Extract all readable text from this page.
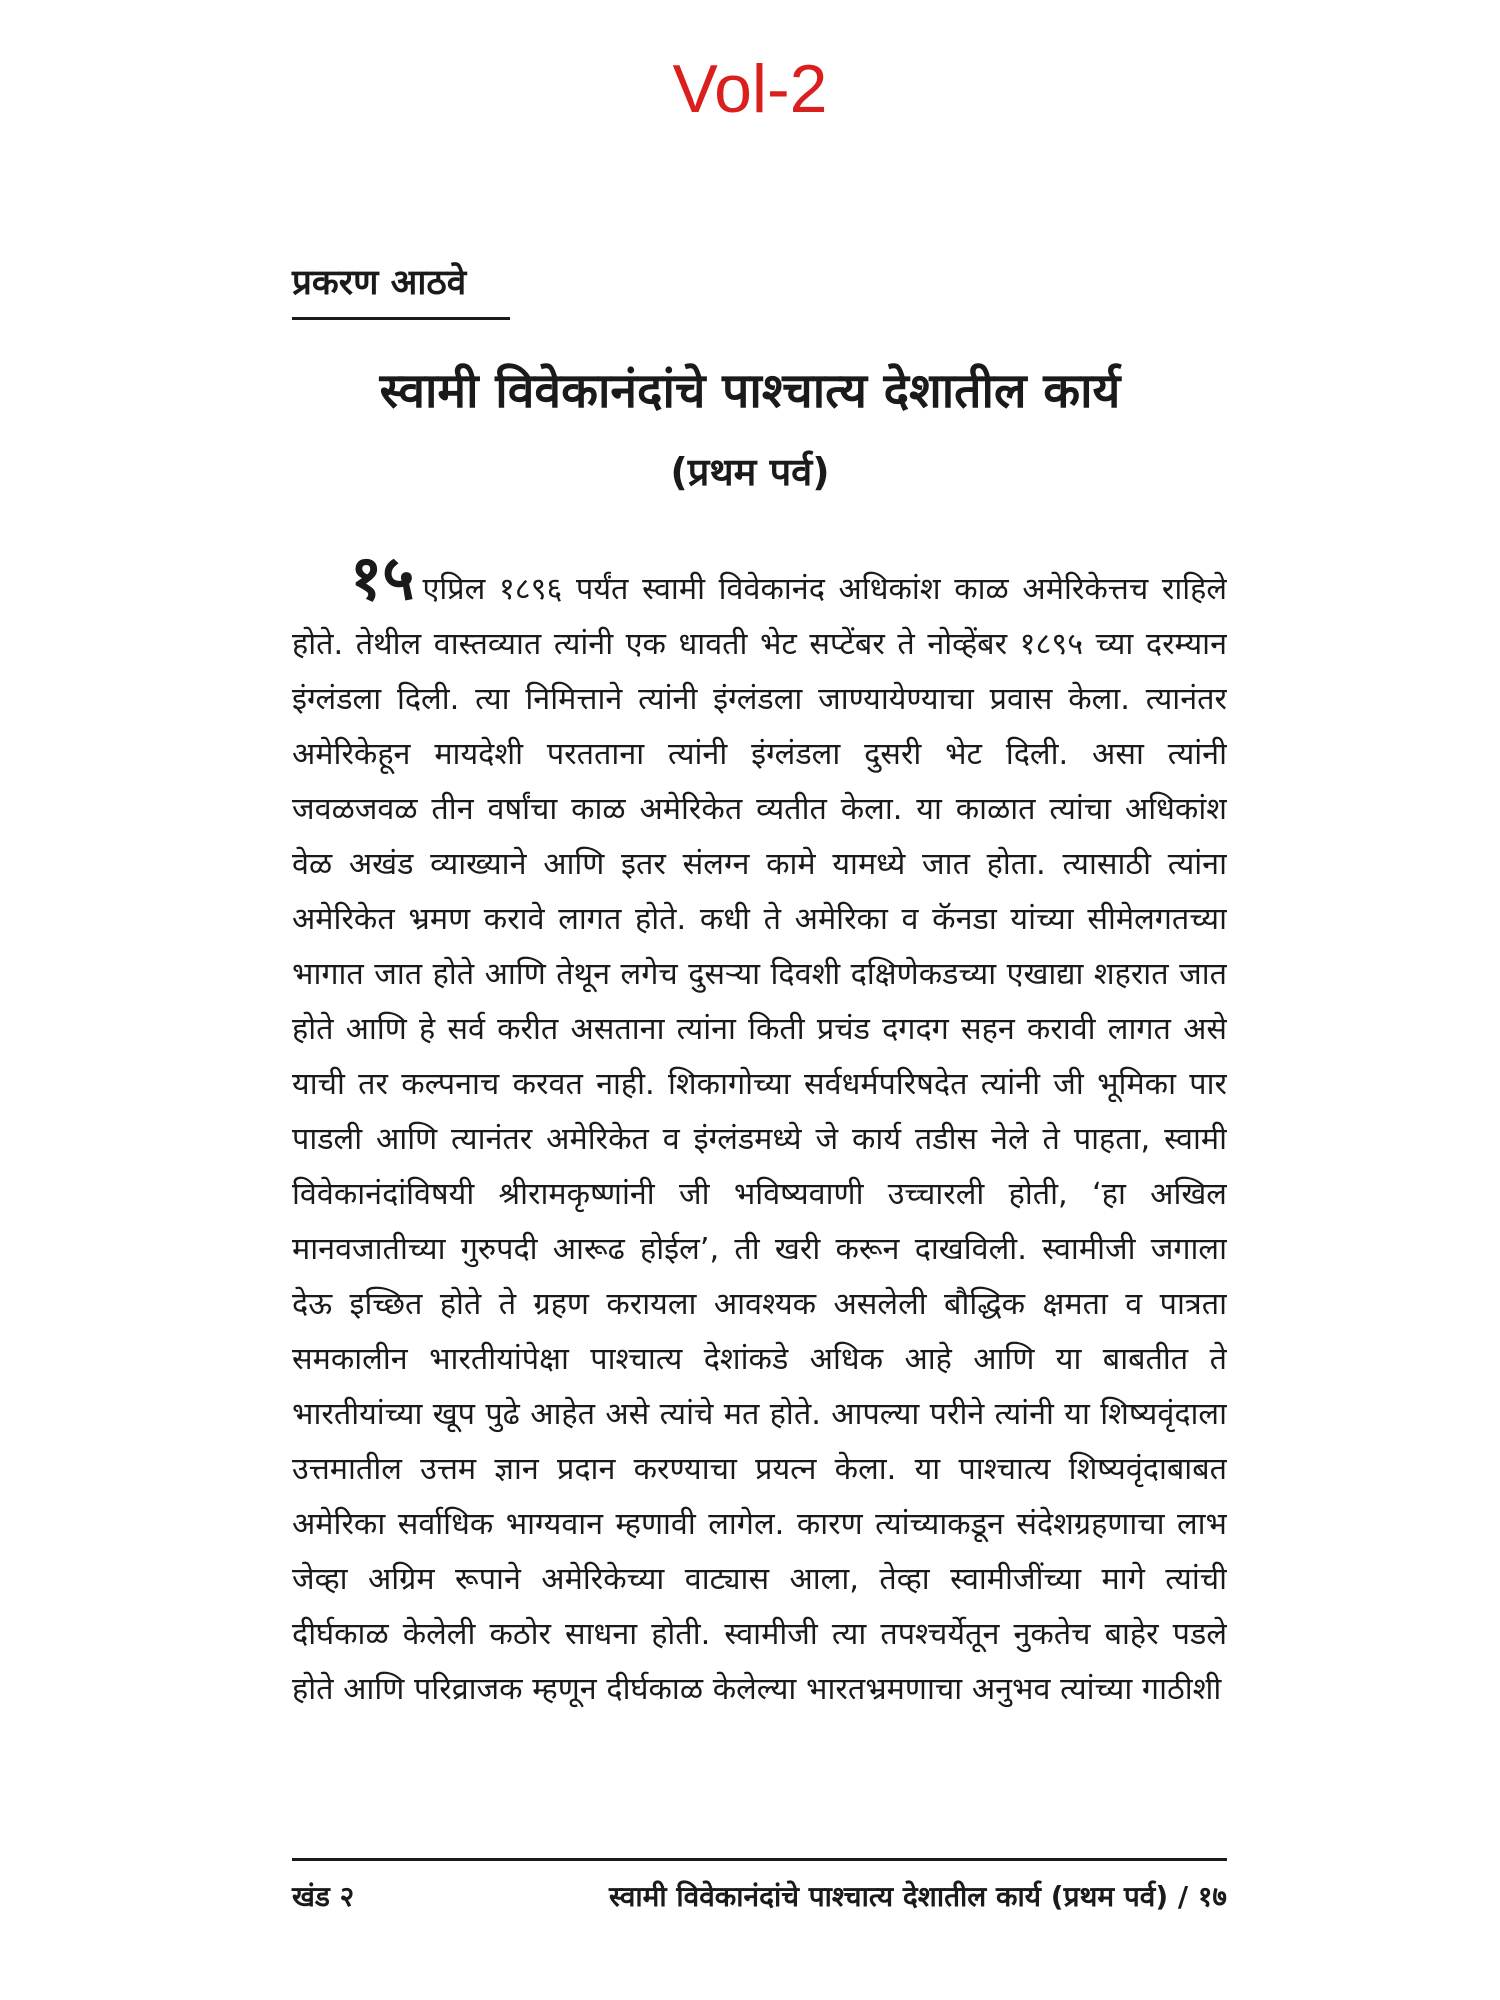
Vol-2
प्रकरण आठवे
स्वामी विवेकानंदांचे पाश्चात्य देशातील कार्य
(प्रथम पर्व)
१५ एप्रिल १८९६ पर्यंत स्वामी विवेकानंद अधिकांश काळ अमेरिकेत्तच राहिले होते. तेथील वास्तव्यात त्यांनी एक धावती भेट सप्टेंबर ते नोव्हेंबर १८९५ च्या दरम्यान इंग्लंडला दिली. त्या निमित्ताने त्यांनी इंग्लंडला जाण्यायेण्याचा प्रवास केला. त्यानंतर अमेरिकेहून मायदेशी परतताना त्यांनी इंग्लंडला दुसरी भेट दिली. असा त्यांनी जवळजवळ तीन वर्षांचा काळ अमेरिकेत व्यतीत केला. या काळात त्यांचा अधिकांश वेळ अखंड व्याख्याने आणि इतर संलग्न कामे यामध्ये जात होता. त्यासाठी त्यांना अमेरिकेत भ्रमण करावे लागत होते. कधी ते अमेरिका व कॅनडा यांच्या सीमेलगतच्या भागात जात होते आणि तेथून लगेच दुसऱ्या दिवशी दक्षिणेकडच्या एखाद्या शहरात जात होते आणि हे सर्व करीत असताना त्यांना किती प्रचंड दगदग सहन करावी लागत असे याची तर कल्पनाच करवत नाही. शिकागोच्या सर्वधर्मपरिषदेत त्यांनी जी भूमिका पार पाडली आणि त्यानंतर अमेरिकेत व इंग्लंडमध्ये जे कार्य तडीस नेले ते पाहता, स्वामी विवेकानंदांविषयी श्रीरामकृष्णांनी जी भविष्यवाणी उच्चारली होती, ‘हा अखिल मानवजातीच्या गुरुपदी आरूढ होईल’, ती खरी करून दाखविली. स्वामीजी जगाला देऊ इच्छित होते ते ग्रहण करायला आवश्यक असलेली बौद्धिक क्षमता व पात्रता समकालीन भारतीयांपेक्षा पाश्चात्य देशांकडे अधिक आहे आणि या बाबतीत ते भारतीयांच्या खूप पुढे आहेत असे त्यांचे मत होते. आपल्या परीने त्यांनी या शिष्यवृंदाला उत्तमातील उत्तम ज्ञान प्रदान करण्याचा प्रयत्न केला. या पाश्चात्य शिष्यवृंदाबाबत अमेरिका सर्वाधिक भाग्यवान म्हणावी लागेल. कारण त्यांच्याकडून संदेशग्रहणाचा लाभ जेव्हा अग्रिम रूपाने अमेरिकेच्या वाट्यास आला, तेव्हा स्वामीजींच्या मागे त्यांची दीर्घकाळ केलेली कठोर साधना होती. स्वामीजी त्या तपश्चर्येतून नुकतेच बाहेर पडले होते आणि परिव्राजक म्हणून दीर्घकाळ केलेल्या भारतभ्रमणाचा अनुभव त्यांच्या गाठीशी
खंड २	स्वामी विवेकानंदांचे पाश्चात्य देशातील कार्य (प्रथम पर्व) / १७
